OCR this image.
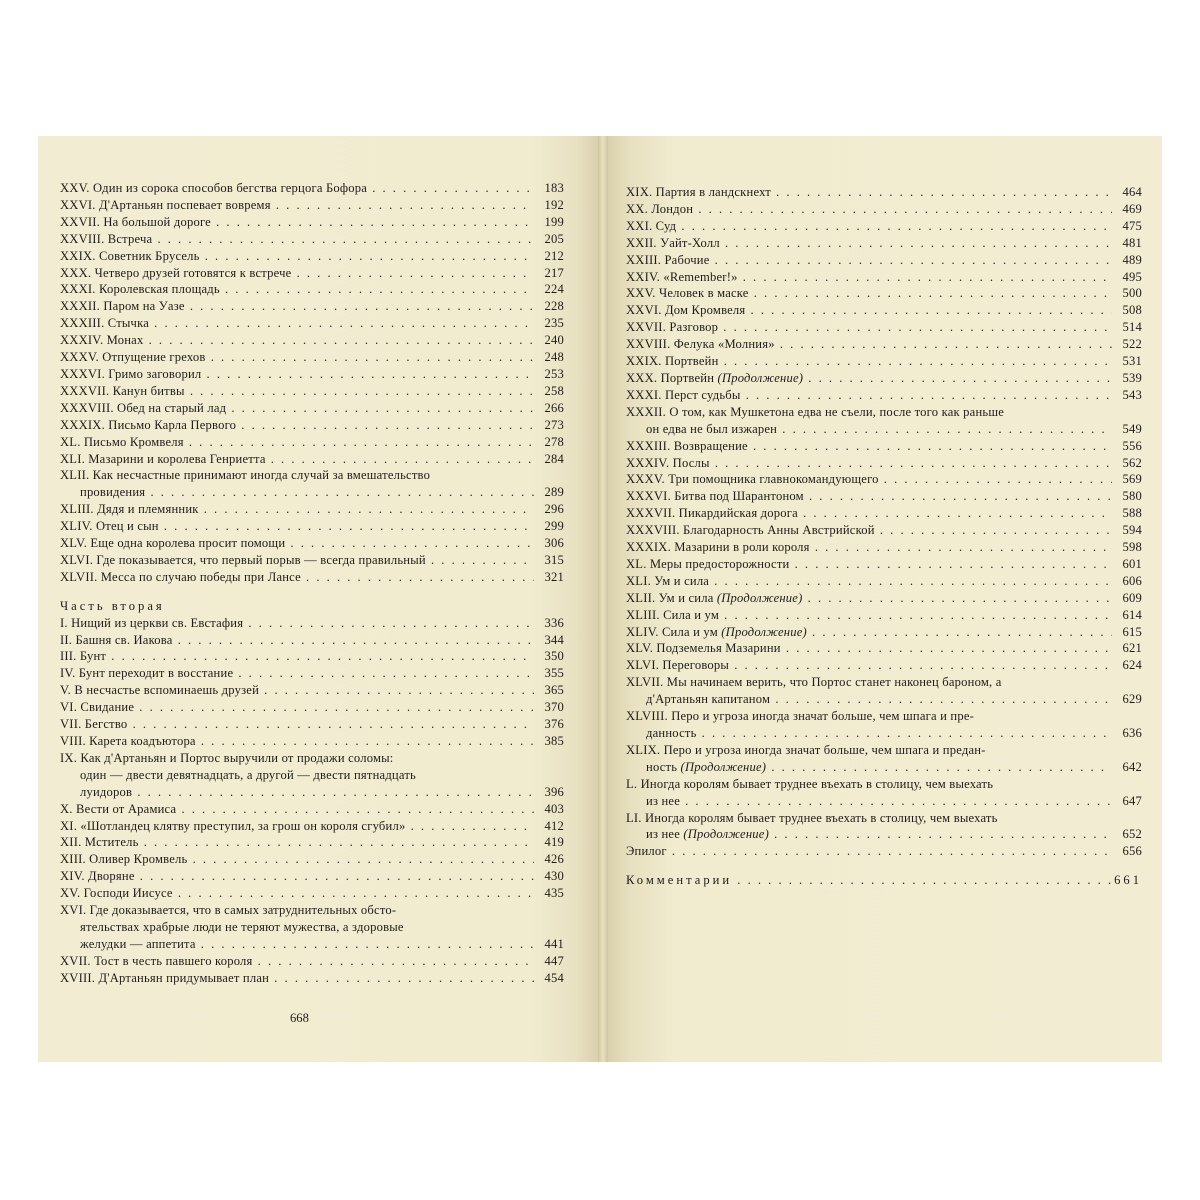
XXV. Один из сорока способов бегства герцога Бофора . . .	183
XXVI. Д'Артаньян поспевает вовремя . . .	192
XXVII. На большой дороге . . .	199
XXVIII. Встреча . . .	205
XXIX. Советник Брусель . . .	212
XXX. Четверо друзей готовятся к встрече . . .	217
XXXI. Королевская площадь . . .	224
XXXII. Паром на Уазе . . .	228
XXXIII. Стычка . . .	235
XXXIV. Монах . . .	240
XXXV. Отпущение грехов . . .	248
XXXVI. Гримо заговорил . . .	253
XXXVII. Канун битвы . . .	258
XXXVIII. Обед на старый лад . . .	266
XXXIX. Письмо Карла Первого . . .	273
XL. Письмо Кромвеля . . .	278
XLI. Мазарини и королева Генриетта . . .	284
XLII. Как несчастные принимают иногда случай за вмешательство
провидения . . .	289
XLIII. Дядя и племянник . . .	296
XLIV. Отец и сын . . .	299
XLV. Еще одна королева просит помощи . . .	306
XLVI. Где показывается, что первый порыв — всегда правильный . . .	315
XLVII. Месса по случаю победы при Лансе . . .	321
Часть вторая
I. Нищий из церкви св. Евстафия . . .	336
II. Башня св. Иакова . . .	344
III. Бунт . . .	350
IV. Бунт переходит в восстание . . .	355
V. В несчастье вспоминаешь друзей . . .	365
VI. Свидание . . .	370
VII. Бегство . . .	376
VIII. Карета коадъютора . . .	385
IX. Как д'Артаньян и Портос выручили от продажи соломы:
один — двести девятнадцать, а другой — двести пятнадцать
луидоров . . .	396
X. Вести от Арамиса . . .	403
XI. «Шотландец клятву преступил, за грош он короля сгубил» . . .	412
XII. Мститель . . .	419
XIII. Оливер Кромвель . . .	426
XIV. Дворяне . . .	430
XV. Господи Иисусе . . .	435
XVI. Где доказывается, что в самых затруднительных обсто-
ятельствах храбрые люди не теряют мужества, а здоровые
желудки — аппетита . . .	441
XVII. Тост в честь павшего короля . . .	447
XVIII. Д'Артаньян придумывает план . . .	454
668
XIX. Партия в ландскнехт . . .	464
XX. Лондон . . .	469
XXI. Суд . . .	475
XXII. Уайт-Холл . . .	481
XXIII. Рабочие . . .	489
XXIV. «Remember!» . . .	495
XXV. Человек в маске . . .	500
XXVI. Дом Кромвеля . . .	508
XXVII. Разговор . . .	514
XXVIII. Фелука «Молния» . . .	522
XXIX. Портвейн . . .	531
XXX. Портвейн (Продолжение) . . .	539
XXXI. Перст судьбы . . .	543
XXXII. О том, как Мушкетона едва не съели, после того как раньше
он едва не был изжарен . . .	549
XXXIII. Возвращение . . .	556
XXXIV. Послы . . .	562
XXXV. Три помощника главнокомандующего . . .	569
XXXVI. Битва под Шарантоном . . .	580
XXXVII. Пикардийская дорога . . .	588
XXXVIII. Благодарность Анны Австрийской . . .	594
XXXIX. Мазарини в роли короля . . .	598
XL. Меры предосторожности . . .	601
XLI. Ум и сила . . .	606
XLII. Ум и сила (Продолжение) . . .	609
XLIII. Сила и ум . . .	614
XLIV. Сила и ум (Продолжение) . . .	615
XLV. Подземелья Мазарини . . .	621
XLVI. Переговоры . . .	624
XLVII. Мы начинаем верить, что Портос станет наконец бароном, а
д'Артаньян капитаном . . .	629
XLVIII. Перо и угроза иногда значат больше, чем шпага и пре-
данность . . .	636
XLIX. Перо и угроза иногда значат больше, чем шпага и предан-
ность (Продолжение) . . .	642
L. Иногда королям бывает труднее въехать в столицу, чем выехать
из нее . . .	647
LI. Иногда королям бывает труднее въехать в столицу, чем выехать
из нее (Продолжение) . . .	652
Эпилог . . .	656
Комментарии . . .	661
